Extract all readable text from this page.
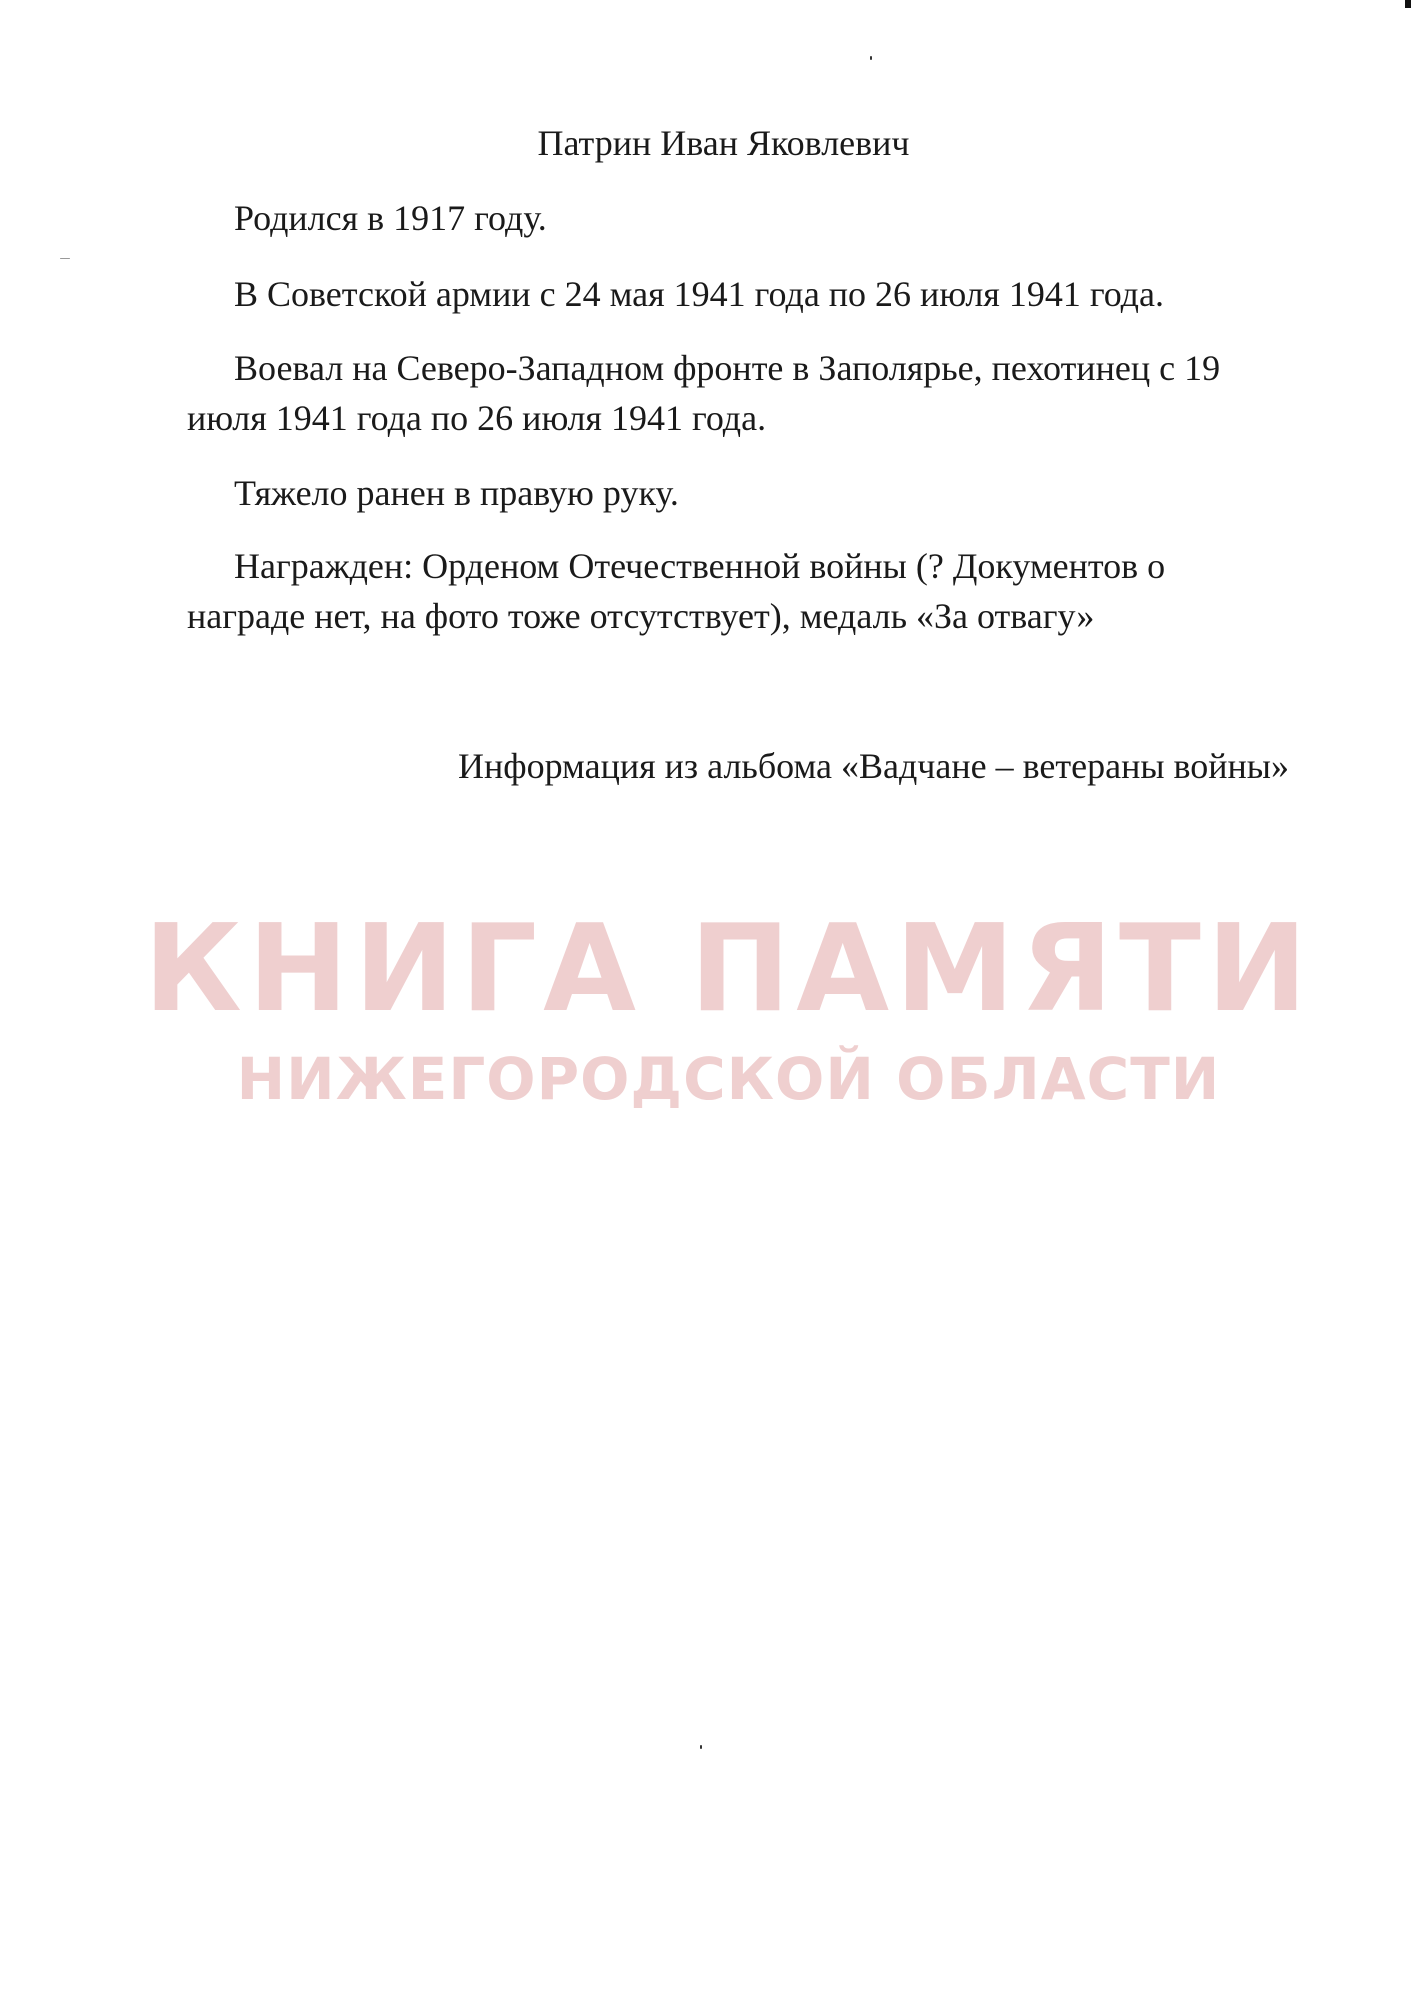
Патрин Иван Яковлевич

Родился в 1917 году.

В Советской армии с 24 мая 1941 года по 26 июля 1941 года.

Воевал на Северо-Западном фронте в Заполярье, пехотинец с 19 июля 1941 года по 26 июля 1941 года.

Тяжело ранен в правую руку.

Награжден: Орденом Отечественной войны (? Документов о награде нет, на фото тоже отсутствует), медаль «За отвагу»

Информация из альбома «Вадчане – ветераны войны»
КНИГА ПАМЯТИ
НИЖЕГОРОДСКОЙ ОБЛАСТИ
